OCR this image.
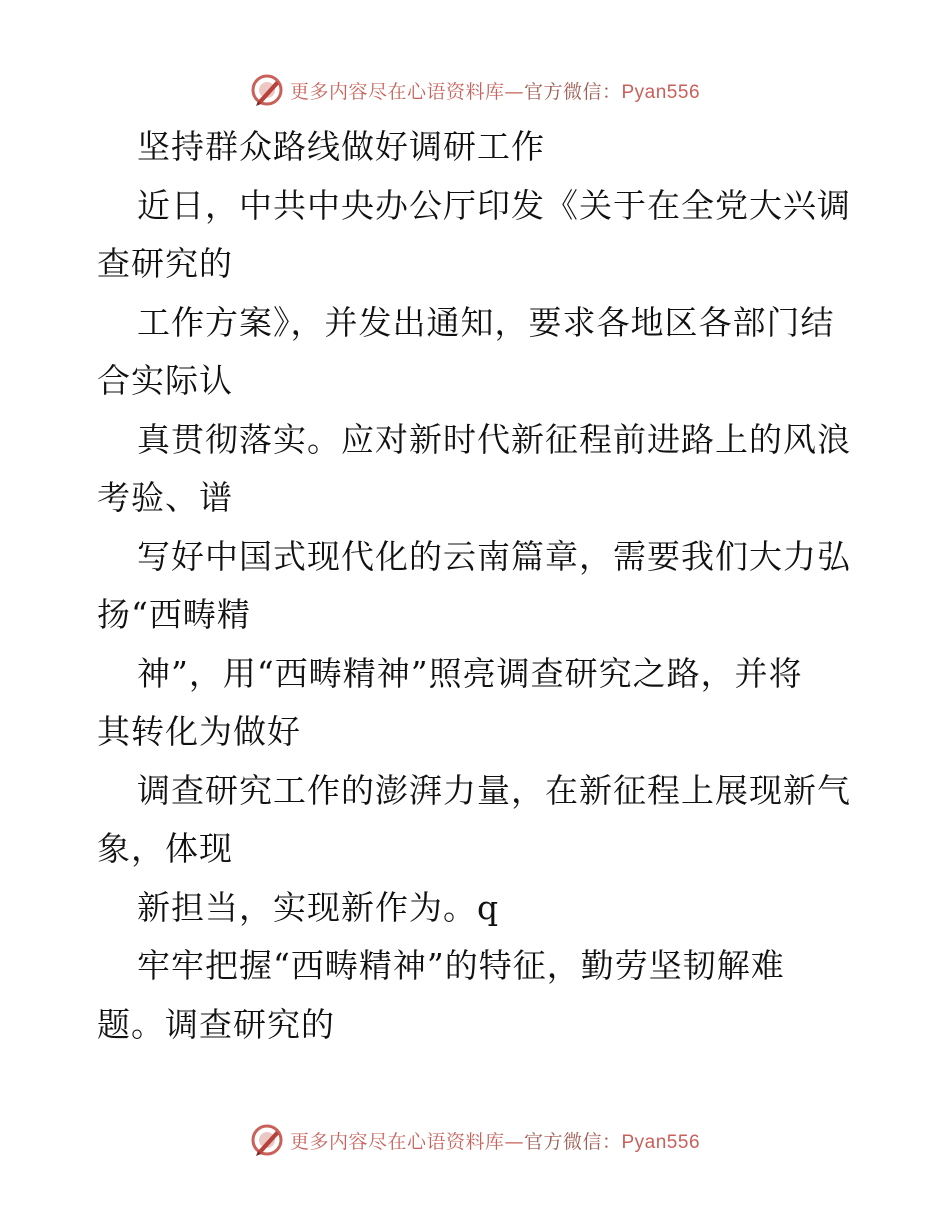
更多内容尽在心语资料库—官方微信：Pyan556
坚持群众路线做好调研工作
近日，中共中央办公厅印发《关于在全党大兴调
查研究的
工作方案》，并发出通知，要求各地区各部门结
合实际认
真贯彻落实。应对新时代新征程前进路上的风浪
考验、谱
写好中国式现代化的云南篇章，需要我们大力弘
扬“西畴精
神”，用“西畴精神”照亮调查研究之路，并将
其转化为做好
调查研究工作的澎湃力量，在新征程上展现新气
象，体现
新担当，实现新作为。q
牢牢把握“西畴精神”的特征，勤劳坚韧解难
题。调查研究的
更多内容尽在心语资料库—官方微信：Pyan556
